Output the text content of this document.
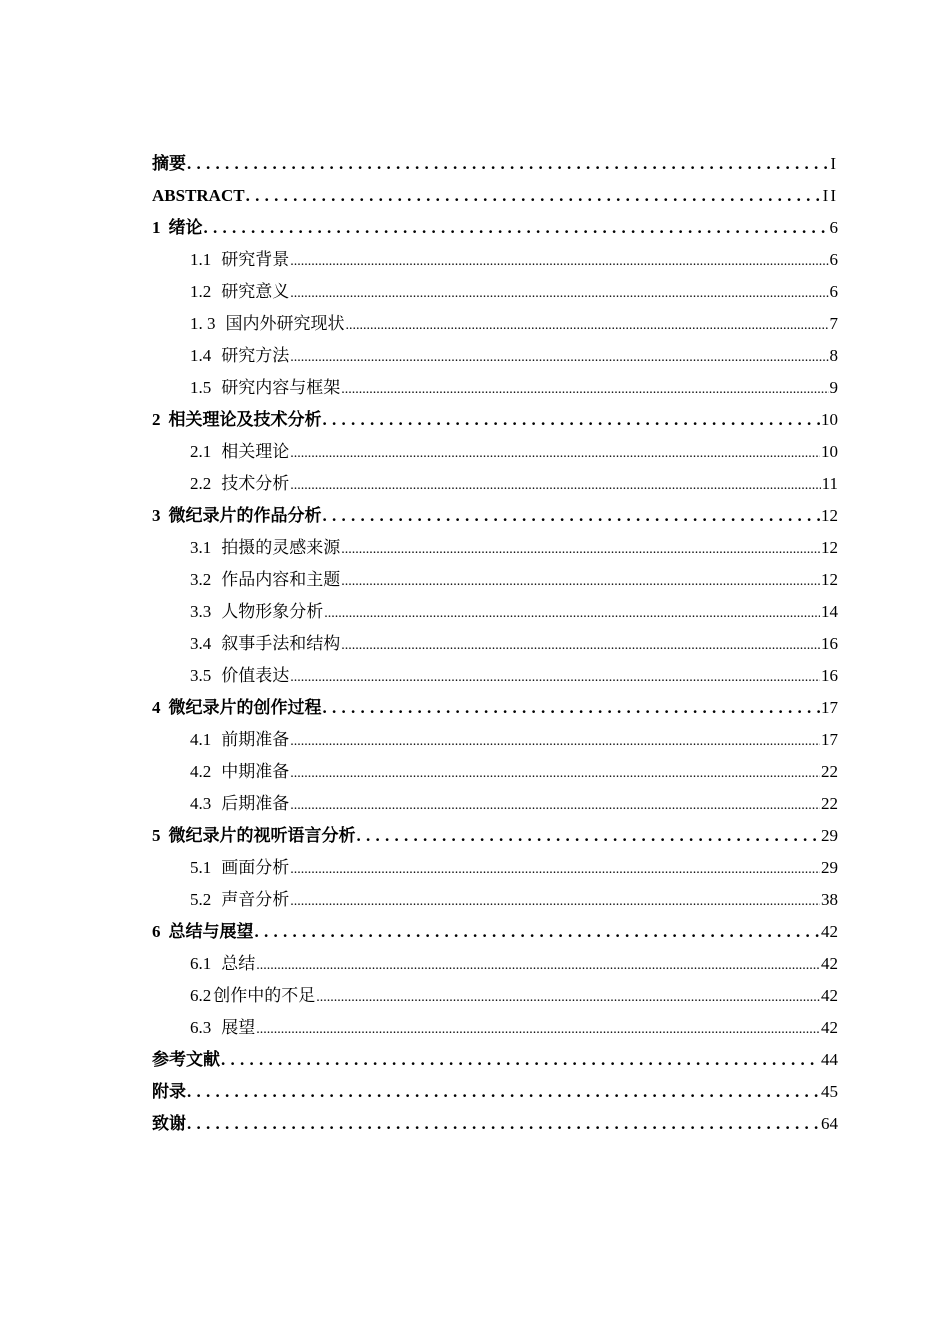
摘要 . . .	I
ABSTRACT . . .	II
1 绪论 . . .	6
1.1 研究背景 .....	6
1.2 研究意义 .....	6
1. 3 国内外研究现状 .....	7
1.4 研究方法 .....	8
1.5 研究内容与框架 .....	9
2 相关理论及技术分析 . . .	10
2.1 相关理论 .....	10
2.2 技术分析 .....	11
3 微纪录片的作品分析 . . .	12
3.1 拍摄的灵感来源 .....	12
3.2 作品内容和主题 .....	12
3.3 人物形象分析 .....	14
3.4 叙事手法和结构 .....	16
3.5 价值表达 .....	16
4 微纪录片的创作过程 . . .	17
4.1 前期准备 .....	17
4.2 中期准备 .....	22
4.3 后期准备 .....	22
5 微纪录片的视听语言分析 . . .	29
5.1 画面分析 .....	29
5.2 声音分析 .....	38
6 总结与展望 . . .	42
6.1 总结 .....	42
6.2 创作中的不足 .....	42
6.3 展望 .....	42
参考文献 . . .	44
附录 . . .	45
致谢 . . .	64
